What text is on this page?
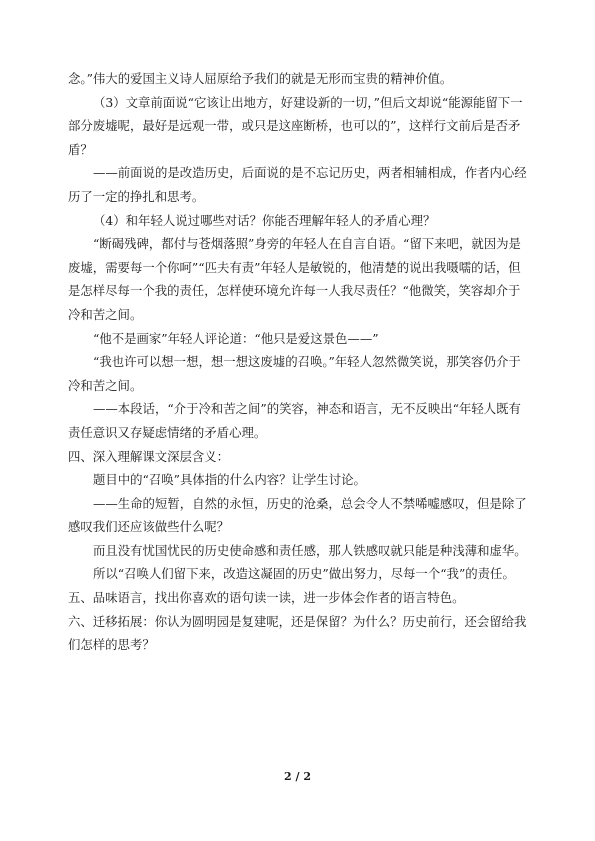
念。”伟大的爱国主义诗人屈原给予我们的就是无形而宝贵的精神价值。

（3）文章前面说“它该让出地方，好建设新的一切，”但后文却说“能源能留下一部分废墟呢，最好是远观一带，或只是这座断桥，也可以的”，这样行文前后是否矛盾？

——前面说的是改造历史，后面说的是不忘记历史，两者相辅相成，作者内心经历了一定的挣扎和思考。

（4）和年轻人说过哪些对话？你能否理解年轻人的矛盾心理？

“断碣残碑，都付与苍烟落照”身旁的年轻人在自言自语。“留下来吧，就因为是废墟，需要每一个你呵”“匹夫有责”年轻人是敏锐的，他清楚的说出我嗫嚅的话，但是怎样尽每一个我的责任，怎样使环境允许每一人我尽责任？“他微笑，笑容却介于冷和苦之间。

“他不是画家”年轻人评论道：“他只是爱这景色——”

“我也许可以想一想，想一想这废墟的召唤。”年轻人忽然微笑说，那笑容仍介于冷和苦之间。

——本段话，“介于冷和苦之间”的笑容，神态和语言，无不反映出“年轻人既有责任意识又存疑虑情绪的矛盾心理。

四、深入理解课文深层含义：

题目中的“召唤”具体指的什么内容？让学生讨论。

——生命的短暂，自然的永恒，历史的沧桑，总会令人不禁唏嘘感叹，但是除了感叹我们还应该做些什么呢？

而且没有忧国忧民的历史使命感和责任感，那人铁感叹就只能是种浅薄和虚华。

所以“召唤人们留下来，改造这凝固的历史”做出努力，尽每一个“我”的责任。

五、品味语言，找出你喜欢的语句读一读，进一步体会作者的语言特色。

六、迁移拓展：你认为圆明园是复建呢，还是保留？为什么？历史前行，还会留给我们怎样的思考？

2 / 2
